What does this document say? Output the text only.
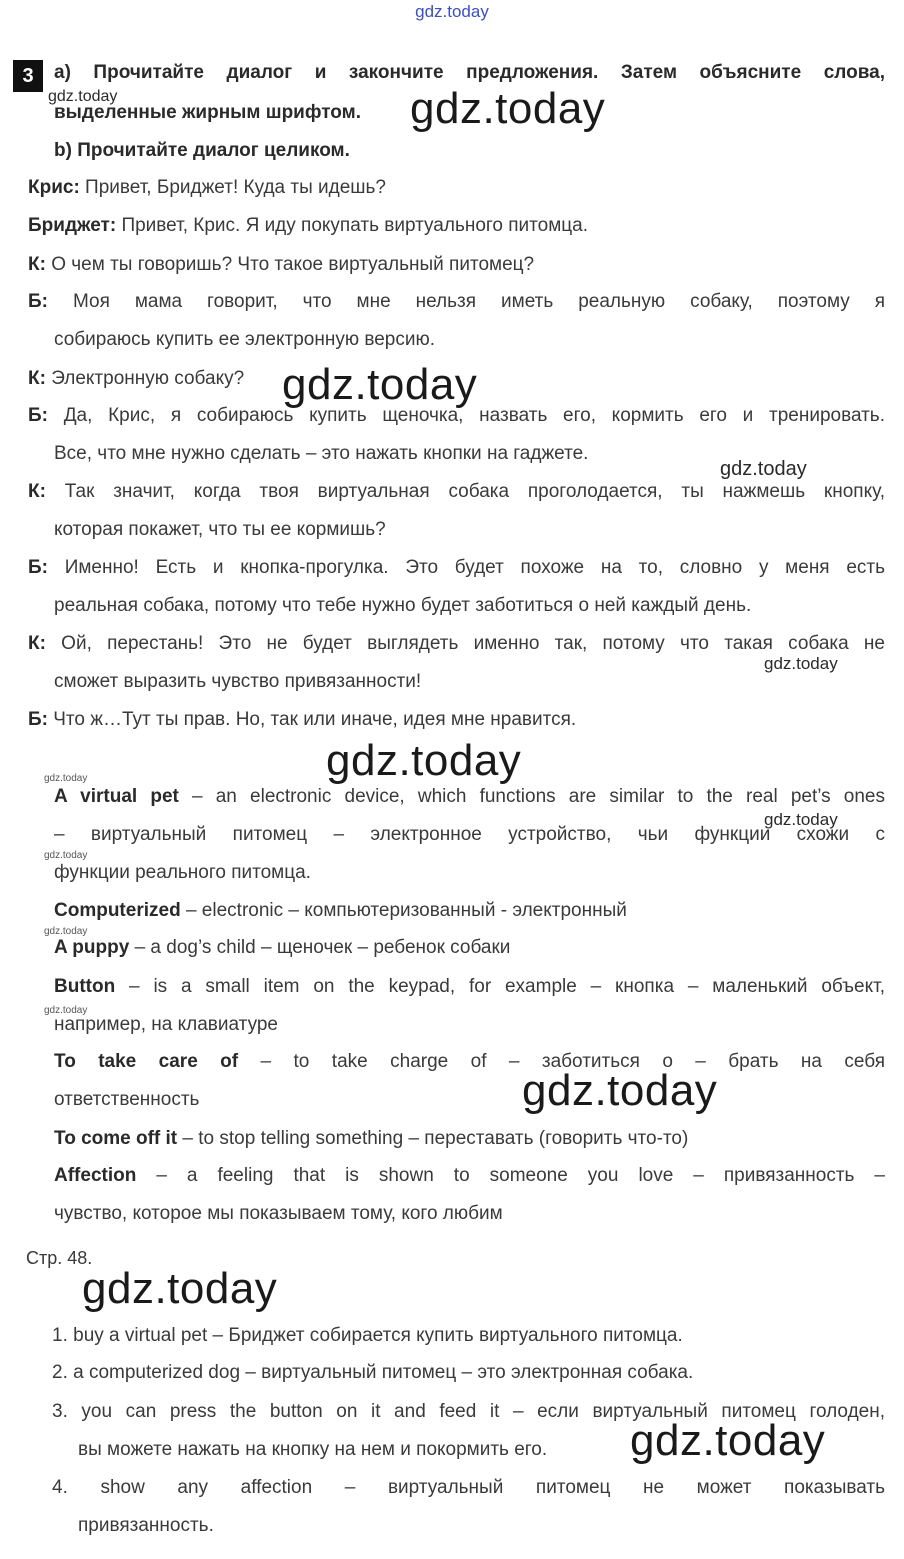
gdz.today
3	a) Прочитайте диалог и закончите предложения. Затем объясните слова,
выделенные жирным шрифтом.
b) Прочитайте диалог целиком.
Крис: Привет, Бриджет! Куда ты идешь?
Бриджет: Привет, Крис. Я иду покупать виртуального питомца.
К: О чем ты говоришь? Что такое виртуальный питомец?
Б: Моя мама говорит, что мне нельзя иметь реальную собаку, поэтому я
собираюсь купить ее электронную версию.
К: Электронную собаку?
Б: Да, Крис, я собираюсь купить щеночка, назвать его, кормить его и тренировать.
Все, что мне нужно сделать – это нажать кнопки на гаджете.
К: Так значит, когда твоя виртуальная собака проголодается, ты нажмешь кнопку,
которая покажет, что ты ее кормишь?
Б: Именно! Есть и кнопка-прогулка. Это будет похоже на то, словно у меня есть
реальная собака, потому что тебе нужно будет заботиться о ней каждый день.
К: Ой, перестань! Это не будет выглядеть именно так, потому что такая собака не
сможет выразить чувство привязанности!
Б: Что ж…Тут ты прав. Но, так или иначе, идея мне нравится.
A virtual pet – an electronic device, which functions are similar to the real pet’s ones
– виртуальный питомец – электронное устройство, чьи функции схожи с
функции реального питомца.
Computerized – electronic – компьютеризованный - электронный
A puppy – a dog’s child – щеночек – ребенок собаки
Button – is a small item on the keypad, for example – кнопка – маленький объект,
например, на клавиатуре
To take care of – to take charge of – заботиться о – брать на себя
ответственность
To come off it – to stop telling something – переставать (говорить что-то)
Affection – a feeling that is shown to someone you love – привязанность –
чувство, которое мы показываем тому, кого любим
Стр. 48.
1. buy a virtual pet – Бриджет собирается купить виртуального питомца.
2. a computerized dog – виртуальный питомец – это электронная собака.
3. you can press the button on it and feed it – если виртуальный питомец голоден,
вы можете нажать на кнопку на нем и покормить его.
4. show any affection – виртуальный питомец не может показывать
привязанность.
gdz.today	gdz.today
gdz.today
gdz.today
gdz.today
gdz.today
gdz.today
gdz.today
gdz.today
gdz.today
gdz.today
gdz.today
gdz.today
gdz.today
